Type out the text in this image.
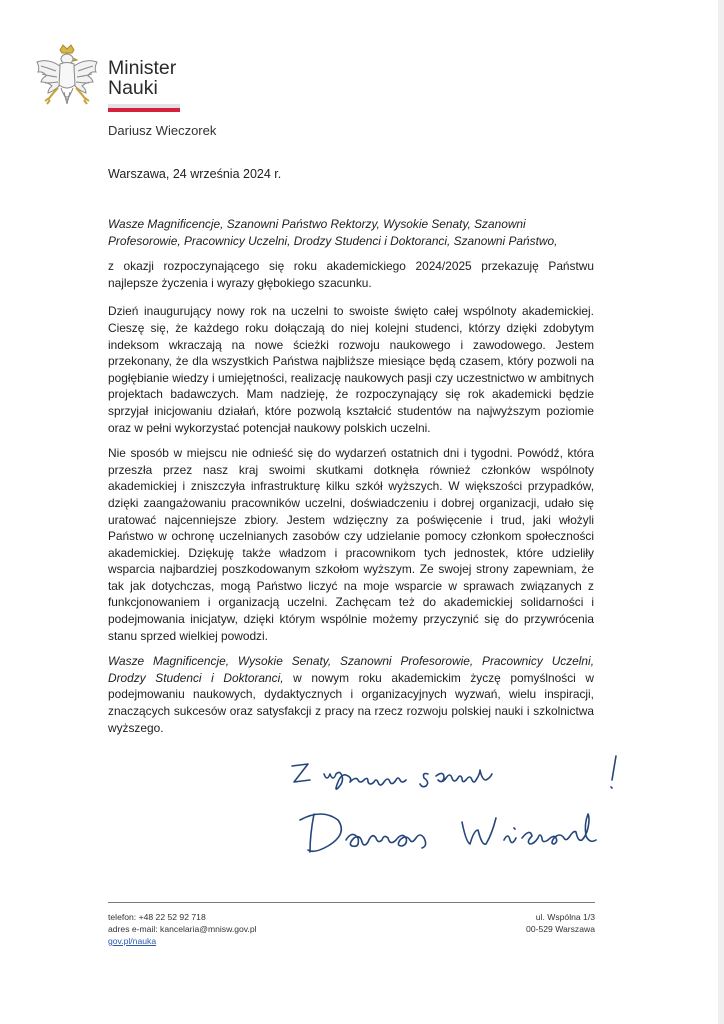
Minister
Nauki
Dariusz Wieczorek
Warszawa, 24 września 2024 r.

Wasze Magnificencje, Szanowni Państwo Rektorzy, Wysokie Senaty, Szanowni Profesorowie, Pracownicy Uczelni, Drodzy Studenci i Doktoranci, Szanowni Państwo,

z okazji rozpoczynającego się roku akademickiego 2024/2025 przekazuję Państwu najlepsze życzenia i wyrazy głębokiego szacunku.

Dzień inaugurujący nowy rok na uczelni to swoiste święto całej wspólnoty akademickiej. Cieszę się, że każdego roku dołączają do niej kolejni studenci, którzy dzięki zdobytym indeksom wkraczają na nowe ścieżki rozwoju naukowego i zawodowego. Jestem przekonany, że dla wszystkich Państwa najbliższe miesiące będą czasem, który pozwoli na pogłębianie wiedzy i umiejętności, realizację naukowych pasji czy uczestnictwo w ambitnych projektach badawczych. Mam nadzieję, że rozpoczynający się rok akademicki będzie sprzyjał inicjowaniu działań, które pozwolą kształcić studentów na najwyższym poziomie oraz w pełni wykorzystać potencjał naukowy polskich uczelni.

Nie sposób w miejscu nie odnieść się do wydarzeń ostatnich dni i tygodni. Powódź, która przeszła przez nasz kraj swoimi skutkami dotknęła również członków wspólnoty akademickiej i zniszczyła infrastrukturę kilku szkół wyższych. W większości przypadków, dzięki zaangażowaniu pracowników uczelni, doświadczeniu i dobrej organizacji, udało się uratować najcenniejsze zbiory. Jestem wdzięczny za poświęcenie i trud, jaki włożyli Państwo w ochronę uczelnianych zasobów czy udzielanie pomocy członkom społeczności akademickiej. Dziękuję także władzom i pracownikom tych jednostek, które udzieliły wsparcia najbardziej poszkodowanym szkołom wyższym. Ze swojej strony zapewniam, że tak jak dotychczas, mogą Państwo liczyć na moje wsparcie w sprawach związanych z funkcjonowaniem i organizacją uczelni. Zachęcam też do akademickiej solidarności i podejmowania inicjatyw, dzięki którym wspólnie możemy przyczynić się do przywrócenia stanu sprzed wielkiej powodzi.

Wasze Magnificencje, Wysokie Senaty, Szanowni Profesorowie, Pracownicy Uczelni, Drodzy Studenci i Doktoranci, w nowym roku akademickim życzę pomyślności w podejmowaniu naukowych, dydaktycznych i organizacyjnych wyzwań, wielu inspiracji, znaczących sukcesów oraz satysfakcji z pracy na rzecz rozwoju polskiej nauki i szkolnictwa wyższego.

telefon: +48 22 52 92 718
adres e-mail: kancelaria@mnisw.gov.pl
gov.pl/nauka
ul. Wspólna 1/3
00-529 Warszawa
